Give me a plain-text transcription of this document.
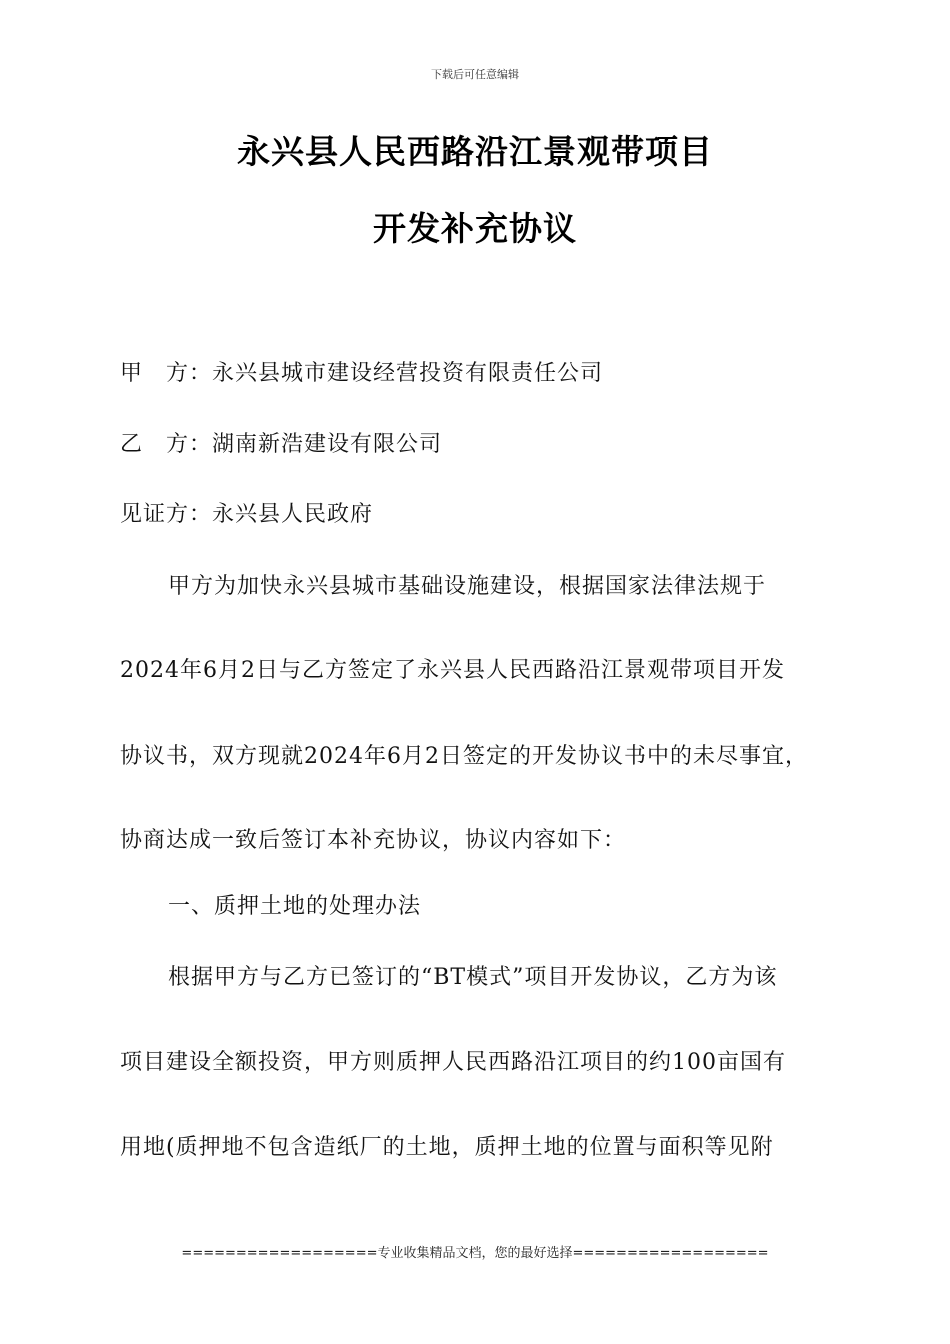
下载后可任意编辑
永兴县人民西路沿江景观带项目
开发补充协议
甲　方：永兴县城市建设经营投资有限责任公司
乙　方：湖南新浩建设有限公司
见证方：永兴县人民政府
甲方为加快永兴县城市基础设施建设，根据国家法律法规于
2024年6月2日与乙方签定了永兴县人民西路沿江景观带项目开发
协议书，双方现就2024年6月2日签定的开发协议书中的未尽事宜，
协商达成一致后签订本补充协议，协议内容如下：
一、质押土地的处理办法
根据甲方与乙方已签订的“BT模式”项目开发协议，乙方为该
项目建设全额投资，甲方则质押人民西路沿江项目的约100亩国有
用地(质押地不包含造纸厂的土地，质押土地的位置与面积等见附
==================专业收集精品文档，您的最好选择==================
